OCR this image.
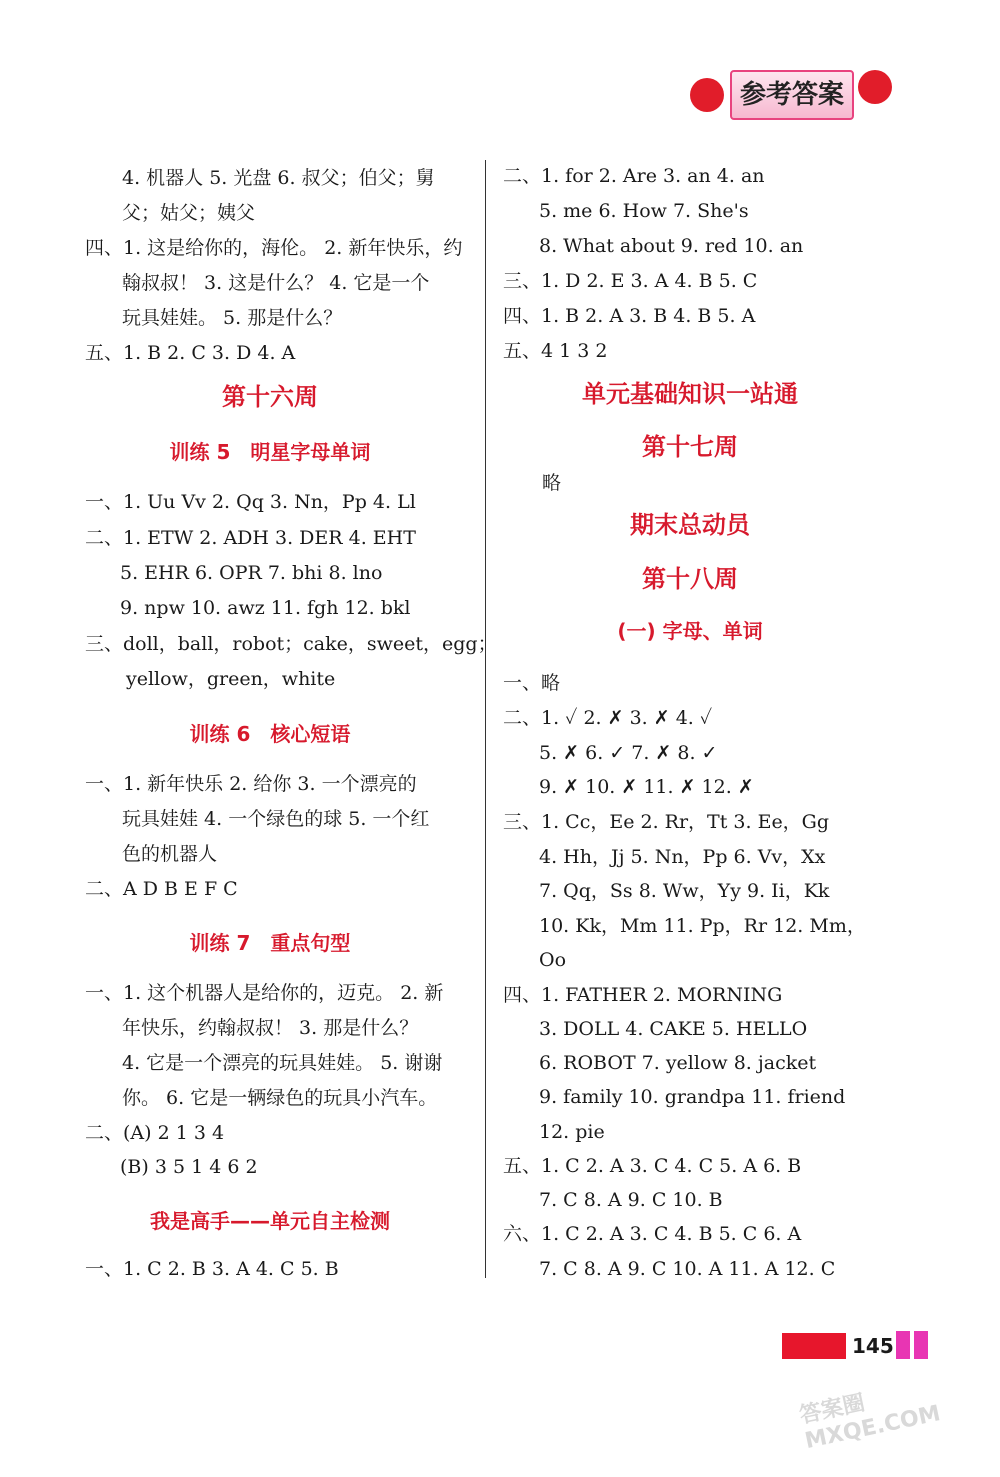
参考答案
4. 机器人 5. 光盘 6. 叔父；伯父；舅
父；姑父；姨父
四、1. 这是给你的，海伦。 2. 新年快乐，约
翰叔叔！ 3. 这是什么？ 4. 它是一个
玩具娃娃。 5. 那是什么？
五、1. B 2. C 3. D 4. A
第十六周
训练 5　明星字母单词
一、1. Uu Vv 2. Qq 3. Nn，Pp 4. Ll
二、1. ETW 2. ADH 3. DER 4. EHT
5. EHR 6. OPR 7. bhi 8. lno
9. npw 10. awz 11. fgh 12. bkl
三、doll，ball，robot；cake，sweet，egg；
yellow，green，white
训练 6　核心短语
一、1. 新年快乐 2. 给你 3. 一个漂亮的
玩具娃娃 4. 一个绿色的球 5. 一个红
色的机器人
二、A D B E F C
训练 7　重点句型
一、1. 这个机器人是给你的，迈克。 2. 新
年快乐，约翰叔叔！ 3. 那是什么？
4. 它是一个漂亮的玩具娃娃。 5. 谢谢
你。 6. 它是一辆绿色的玩具小汽车。
二、(A) 2 1 3 4
(B) 3 5 1 4 6 2
我是高手——单元自主检测
一、1. C 2. B 3. A 4. C 5. B
二、1. for 2. Are 3. an 4. an
5. me 6. How 7. She's
8. What about 9. red 10. an
三、1. D 2. E 3. A 4. B 5. C
四、1. B 2. A 3. B 4. B 5. A
五、4 1 3 2
单元基础知识一站通
第十七周
略
期末总动员
第十八周
(一) 字母、单词
一、略
二、1. ✓ 2. ✗ 3. ✗ 4. ✓
5. ✗ 6. ✓ 7. ✗ 8. ✓
9. ✗ 10. ✗ 11. ✗ 12. ✗
三、1. Cc，Ee 2. Rr，Tt 3. Ee，Gg
4. Hh，Jj 5. Nn，Pp 6. Vv，Xx
7. Qq，Ss 8. Ww，Yy 9. Ii，Kk
10. Kk，Mm 11. Pp，Rr 12. Mm，
Oo
四、1. FATHER 2. MORNING
3. DOLL 4. CAKE 5. HELLO
6. ROBOT 7. yellow 8. jacket
9. family 10. grandpa 11. friend
12. pie
五、1. C 2. A 3. C 4. C 5. A 6. B
7. C 8. A 9. C 10. B
六、1. C 2. A 3. C 4. B 5. C 6. A
7. C 8. A 9. C 10. A 11. A 12. C
145
答案圈 MXQE.COM
